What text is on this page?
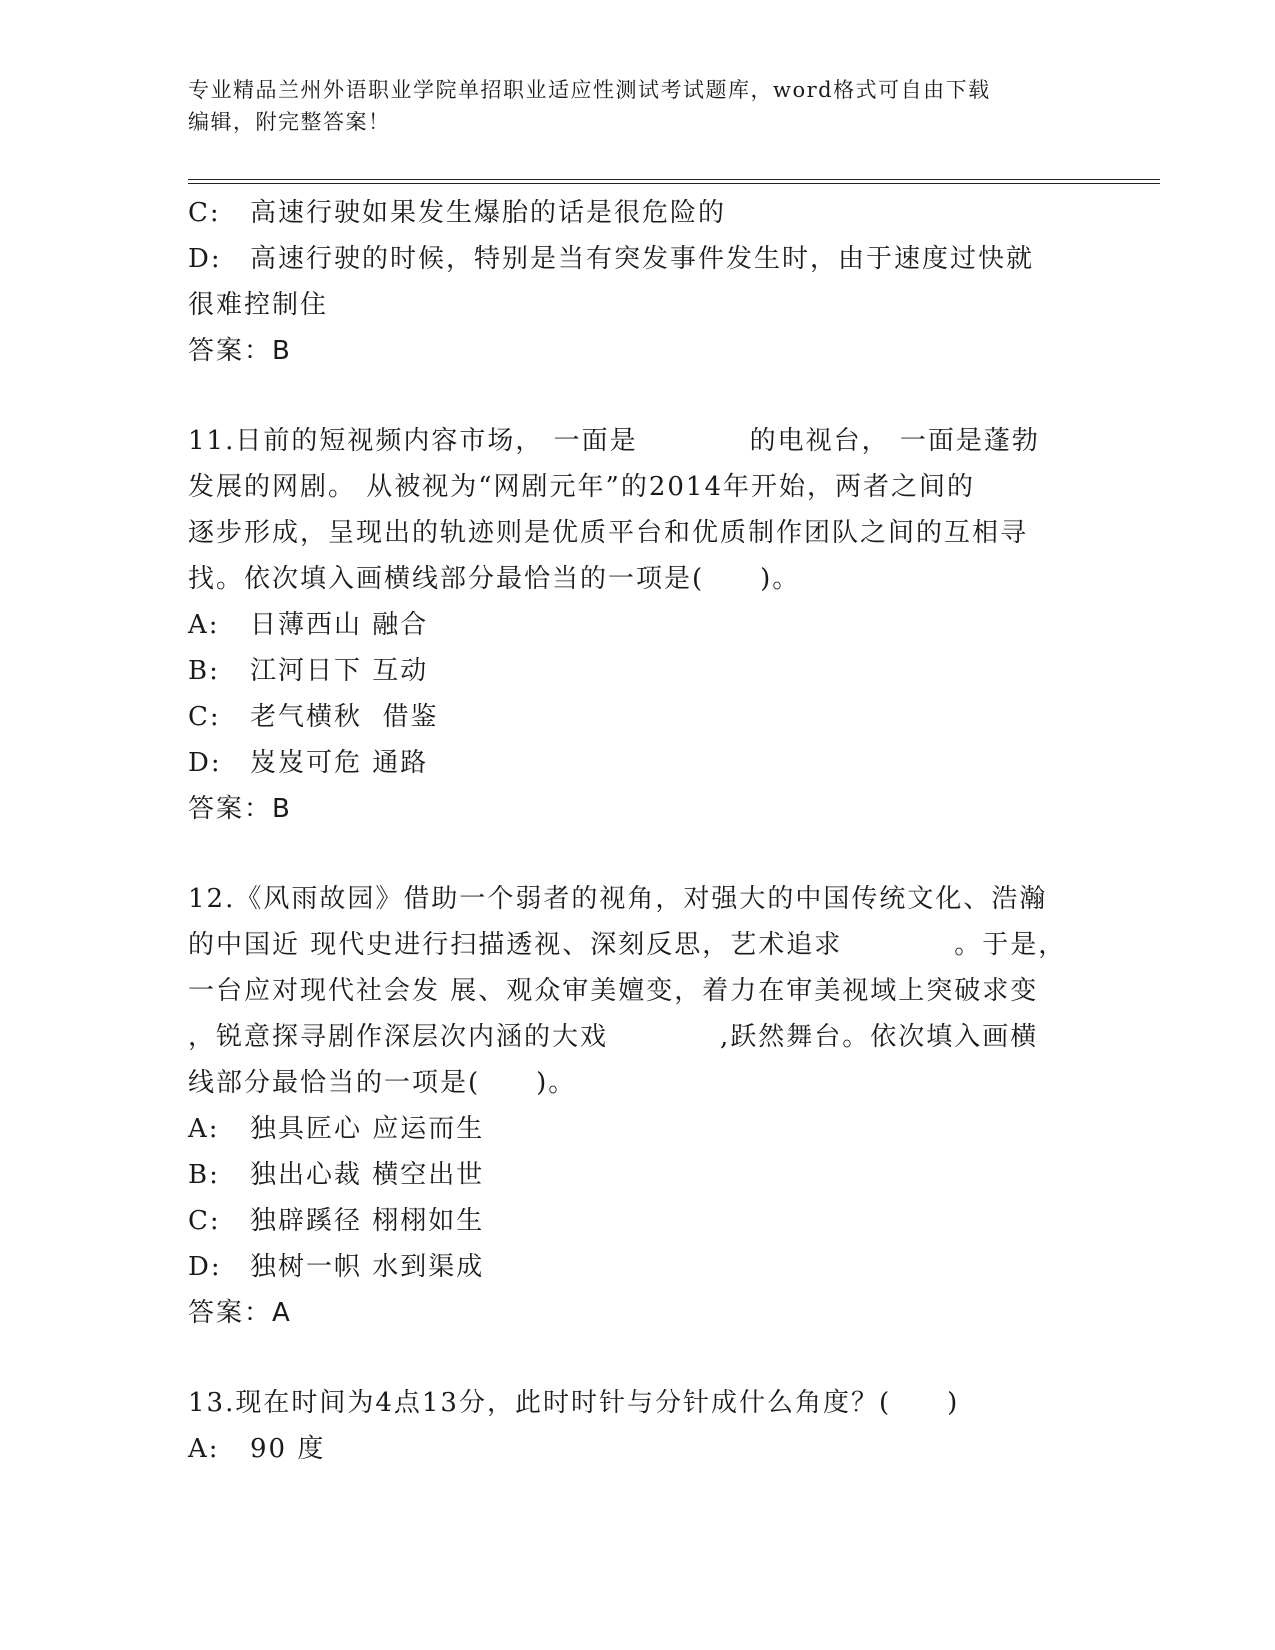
专业精品兰州外语职业学院单招职业适应性测试考试题库，word格式可自由下载
编辑，附完整答案！
C: 高速行驶如果发生爆胎的话是很危险的
D: 高速行驶的时候，特别是当有突发事件发生时，由于速度过快就
很难控制住
答案：B
11.日前的短视频内容市场， 一面是　　　　的电视台， 一面是蓬勃
发展的网剧。 从被视为“网剧元年”的2014年开始，两者之间的
逐步形成，呈现出的轨迹则是优质平台和优质制作团队之间的互相寻
找。依次填入画横线部分最恰当的一项是(　　)。
A: 日薄西山 融合
B: 江河日下 互动
C: 老气横秋  借鉴
D: 岌岌可危 通路
答案：B
12.《风雨故园》借助一个弱者的视角，对强大的中国传统文化、浩瀚
的中国近 现代史进行扫描透视、深刻反思，艺术追求　　　　。于是，
一台应对现代社会发 展、观众审美嬗变，着力在审美视域上突破求变
，锐意探寻剧作深层次内涵的大戏　　　　,跃然舞台。依次填入画横
线部分最恰当的一项是(　　)。
A: 独具匠心 应运而生
B: 独出心裁 横空出世
C: 独辟蹊径 栩栩如生
D: 独树一帜 水到渠成
答案：A
13.现在时间为4点13分，此时时针与分针成什么角度？(　　)
A: 90 度
